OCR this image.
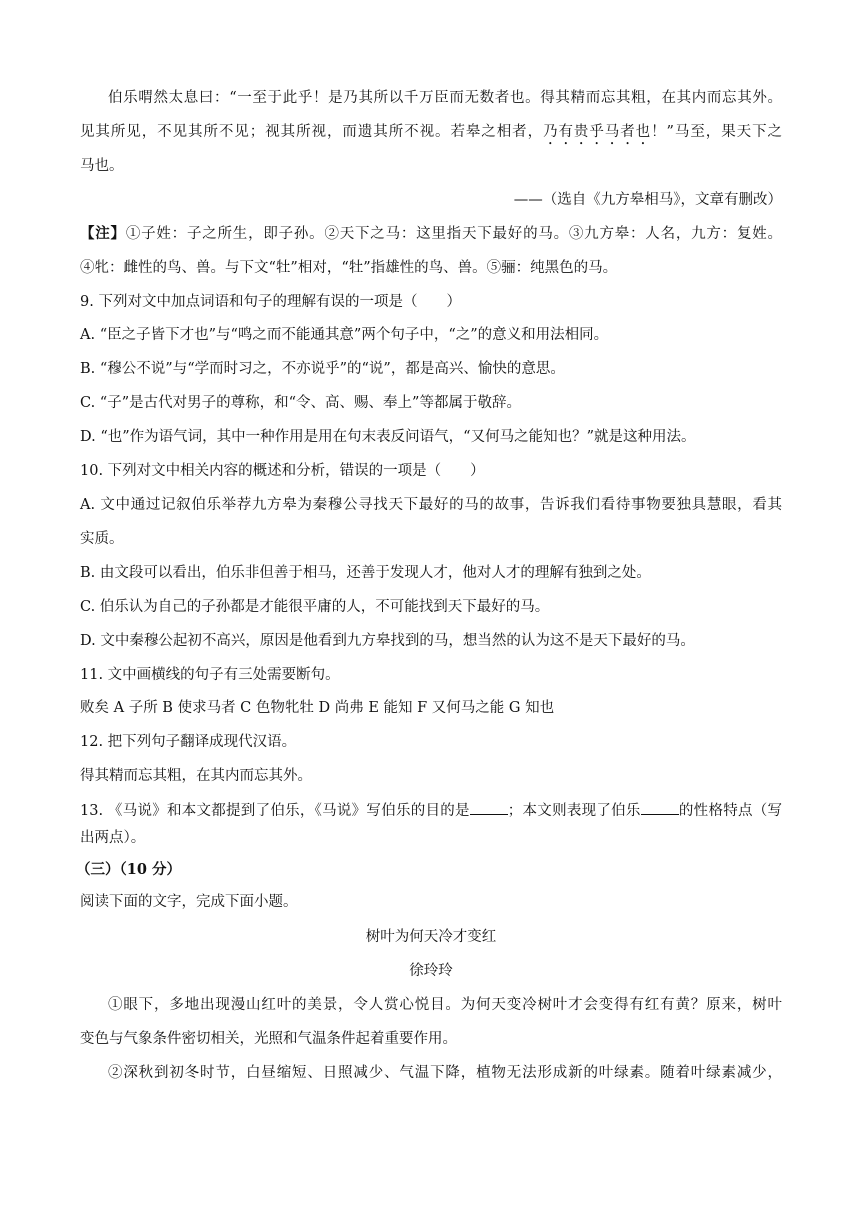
伯乐喟然太息曰：“一至于此乎！是乃其所以千万臣而无数者也。得其精而忘其粗，在其内而忘其外。
见其所见，不见其所不见；视其所视，而遗其所不视。若皋之相者，乃有贵乎马者也！”马至，果天下之
马也。
——（选自《九方皋相马》，文章有删改）
【注】①子姓：子之所生，即子孙。②天下之马：这里指天下最好的马。③九方皋：人名，九方：复姓。
④牝：雌性的鸟、兽。与下文“牡”相对，“牡”指雄性的鸟、兽。⑤骊：纯黑色的马。
9. 下列对文中加点词语和句子的理解有误的一项是（　　）
A. “臣之子皆下才也”与“鸣之而不能通其意”两个句子中，“之”的意义和用法相同。
B. “穆公不说”与“学而时习之，不亦说乎”的“说”，都是高兴、愉快的意思。
C. “子”是古代对男子的尊称，和“令、高、赐、奉上”等都属于敬辞。
D. “也”作为语气词，其中一种作用是用在句末表反问语气，“又何马之能知也？”就是这种用法。
10. 下列对文中相关内容的概述和分析，错误的一项是（　　）
A. 文中通过记叙伯乐举荐九方皋为秦穆公寻找天下最好的马的故事，告诉我们看待事物要独具慧眼，看其
实质。
B. 由文段可以看出，伯乐非但善于相马，还善于发现人才，他对人才的理解有独到之处。
C. 伯乐认为自己的子孙都是才能很平庸的人，不可能找到天下最好的马。
D. 文中秦穆公起初不高兴，原因是他看到九方皋找到的马，想当然的认为这不是天下最好的马。
11. 文中画横线的句子有三处需要断句。
败矣 A 子所 B 使求马者 C 色物牝牡 D 尚弗 E 能知 F 又何马之能 G 知也
12. 把下列句子翻译成现代汉语。
得其精而忘其粗，在其内而忘其外。
13. 《马说》和本文都提到了伯乐，《马说》写伯乐的目的是	；本文则表现了伯乐	的性格特点（写
出两点）。
（三）（10 分）
阅读下面的文字，完成下面小题。
树叶为何天冷才变红
徐玲玲
①眼下，多地出现漫山红叶的美景，令人赏心悦目。为何天变冷树叶才会变得有红有黄？原来，树叶
变色与气象条件密切相关，光照和气温条件起着重要作用。
②深秋到初冬时节，白昼缩短、日照减少、气温下降，植物无法形成新的叶绿素。随着叶绿素减少，
